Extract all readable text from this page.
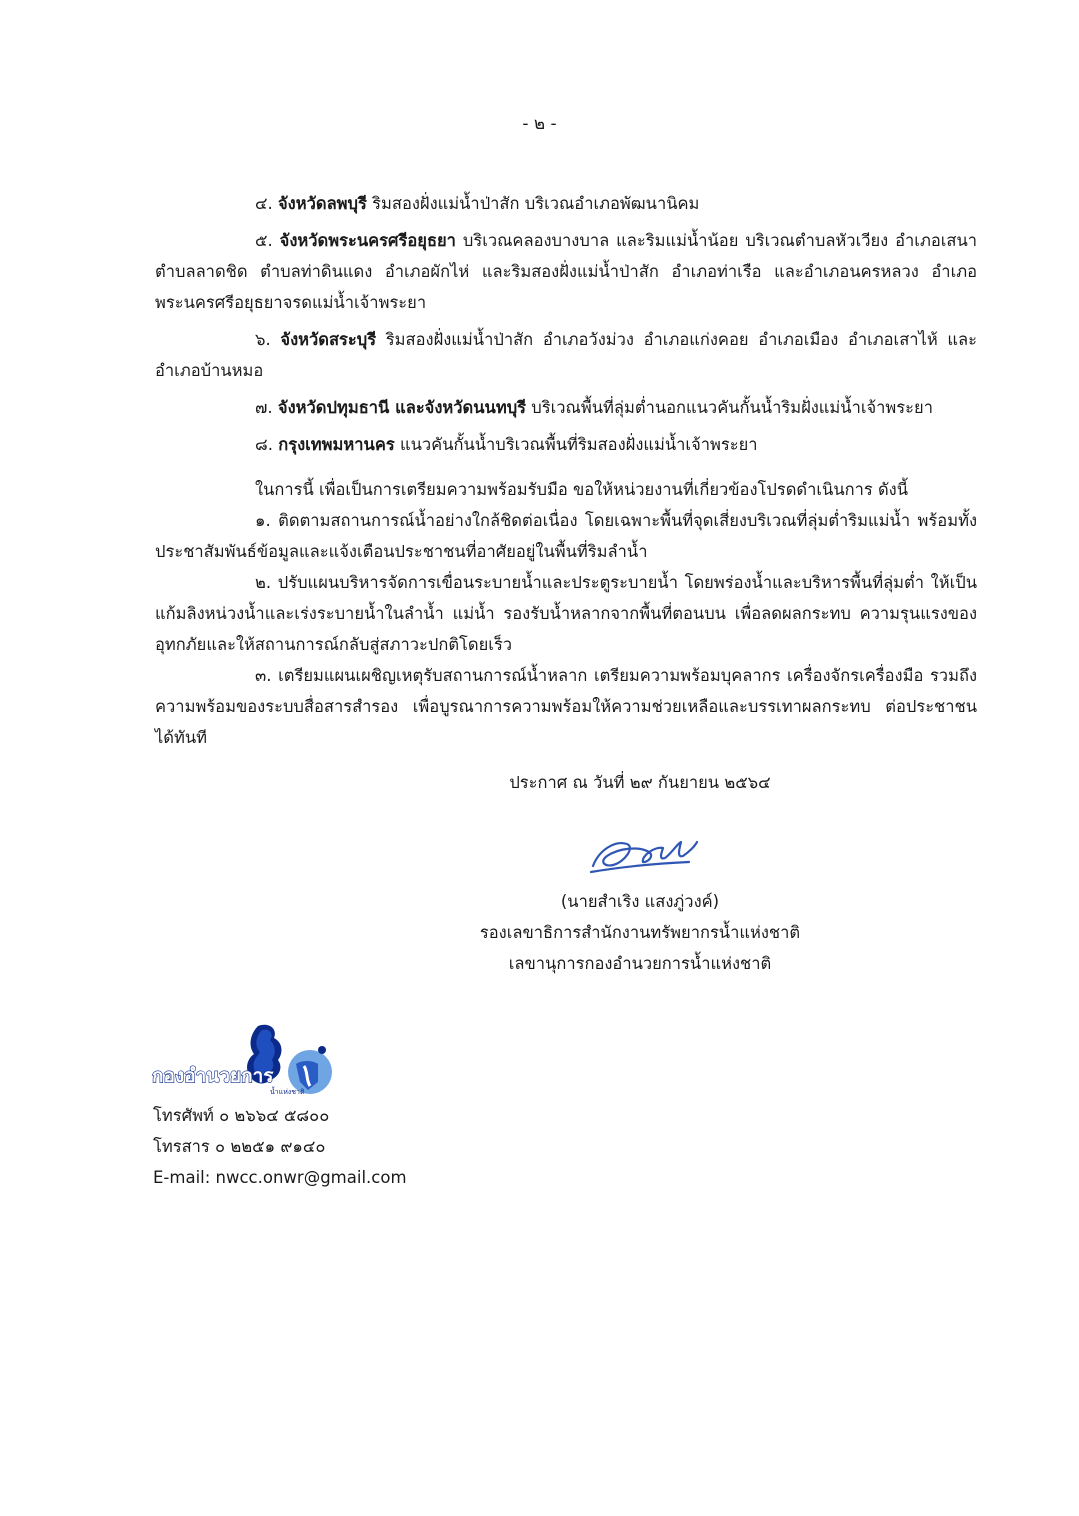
- ๒ -

๔. จังหวัดลพบุรี ริมสองฝั่งแม่น้ำป่าสัก บริเวณอำเภอพัฒนานิคม

๕. จังหวัดพระนครศรีอยุธยา บริเวณคลองบางบาล และริมแม่น้ำน้อย บริเวณตำบลหัวเวียง อำเภอเสนา ตำบลลาดชิด ตำบลท่าดินแดง อำเภอผักไห่ และริมสองฝั่งแม่น้ำป่าสัก อำเภอท่าเรือ และอำเภอนครหลวง อำเภอพระนครศรีอยุธยาจรดแม่น้ำเจ้าพระยา

๖. จังหวัดสระบุรี ริมสองฝั่งแม่น้ำป่าสัก อำเภอวังม่วง อำเภอแก่งคอย อำเภอเมือง อำเภอเสาไห้ และอำเภอบ้านหมอ

๗. จังหวัดปทุมธานี และจังหวัดนนทบุรี บริเวณพื้นที่ลุ่มต่ำนอกแนวคันกั้นน้ำริมฝั่งแม่น้ำเจ้าพระยา

๘. กรุงเทพมหานคร แนวคันกั้นน้ำบริเวณพื้นที่ริมสองฝั่งแม่น้ำเจ้าพระยา

ในการนี้ เพื่อเป็นการเตรียมความพร้อมรับมือ ขอให้หน่วยงานที่เกี่ยวข้องโปรดดำเนินการ ดังนี้

๑. ติดตามสถานการณ์น้ำอย่างใกล้ชิดต่อเนื่อง โดยเฉพาะพื้นที่จุดเสี่ยงบริเวณที่ลุ่มต่ำริมแม่น้ำ พร้อมทั้งประชาสัมพันธ์ข้อมูลและแจ้งเตือนประชาชนที่อาศัยอยู่ในพื้นที่ริมลำน้ำ

๒. ปรับแผนบริหารจัดการเขื่อนระบายน้ำและประตูระบายน้ำ โดยพร่องน้ำและบริหารพื้นที่ลุ่มต่ำ ให้เป็นแก้มลิงหน่วงน้ำและเร่งระบายน้ำในลำน้ำ แม่น้ำ รองรับน้ำหลากจากพื้นที่ตอนบน เพื่อลดผลกระทบ ความรุนแรงของอุทกภัยและให้สถานการณ์กลับสู่สภาวะปกติโดยเร็ว

๓. เตรียมแผนเผชิญเหตุรับสถานการณ์น้ำหลาก เตรียมความพร้อมบุคลากร เครื่องจักรเครื่องมือ รวมถึงความพร้อมของระบบสื่อสารสำรอง เพื่อบูรณาการความพร้อมให้ความช่วยเหลือและบรรเทาผลกระทบ ต่อประชาชนได้ทันที

ประกาศ ณ วันที่ ๒๙ กันยายน ๒๕๖๔
(นายสำเริง แสงภู่วงค์)
รองเลขาธิการสำนักงานทรัพยากรน้ำแห่งชาติ
เลขานุการกองอำนวยการน้ำแห่งชาติ
กองอำนวยการ
น้ำแห่งชาติ

โทรศัพท์ ๐ ๒๖๖๔ ๕๘๐๐

โทรสาร ๐ ๒๒๕๑ ๙๑๔๐

E-mail: nwcc.onwr@gmail.com
